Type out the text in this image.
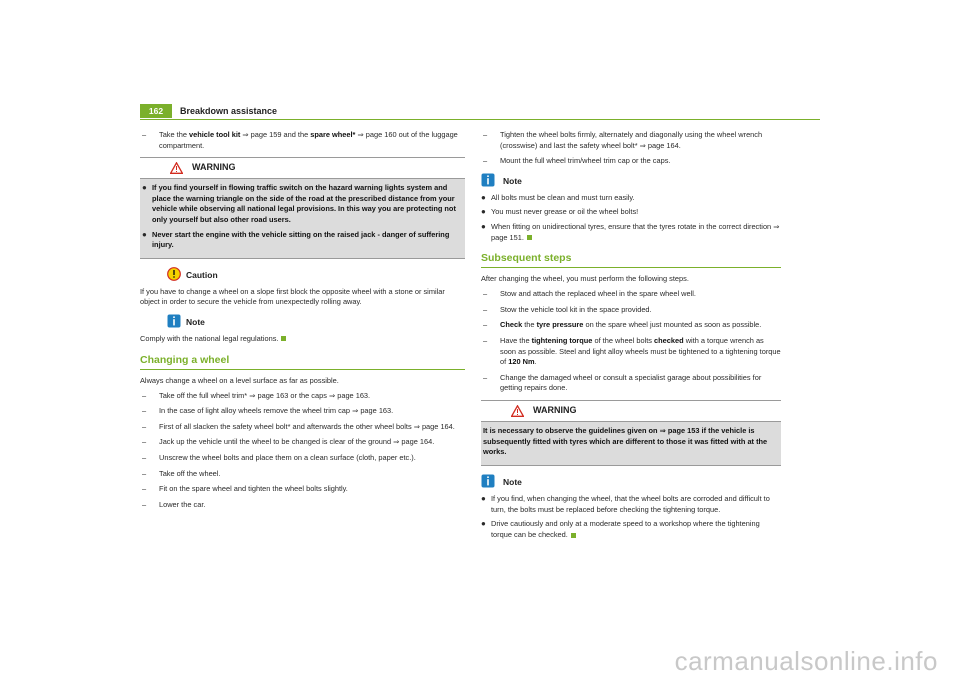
162	Breakdown assistance
– Take the vehicle tool kit ⇒ page 159 and the spare wheel* ⇒ page 160 out of the luggage compartment.
WARNING
● If you find yourself in flowing traffic switch on the hazard warning lights system and place the warning triangle on the side of the road at the prescribed distance from your vehicle while observing all national legal provisions. In this way you are protecting not only yourself but also other road users.
● Never start the engine with the vehicle sitting on the raised jack - danger of suffering injury.
Caution

If you have to change a wheel on a slope first block the opposite wheel with a stone or similar object in order to secure the vehicle from unexpectedly rolling away.

Note

Comply with the national legal regulations.

Changing a wheel

Always change a wheel on a level surface as far as possible.

– Take off the full wheel trim* ⇒ page 163 or the caps ⇒ page 163.
– In the case of light alloy wheels remove the wheel trim cap ⇒ page 163.
– First of all slacken the safety wheel bolt* and afterwards the other wheel bolts ⇒ page 164.
– Jack up the vehicle until the wheel to be changed is clear of the ground ⇒ page 164.
– Unscrew the wheel bolts and place them on a clean surface (cloth, paper etc.).
– Take off the wheel.
– Fit on the spare wheel and tighten the wheel bolts slightly.
– Lower the car.
– Tighten the wheel bolts firmly, alternately and diagonally using the wheel wrench (crosswise) and last the safety wheel bolt* ⇒ page 164.
– Mount the full wheel trim/wheel trim cap or the caps.
Note
● All bolts must be clean and must turn easily.
● You must never grease or oil the wheel bolts!
● When fitting on unidirectional tyres, ensure that the tyres rotate in the correct direction ⇒ page 151.
Subsequent steps

After changing the wheel, you must perform the following steps.

– Stow and attach the replaced wheel in the spare wheel well.
– Stow the vehicle tool kit in the space provided.
– Check the tyre pressure on the spare wheel just mounted as soon as possible.
– Have the tightening torque of the wheel bolts checked with a torque wrench as soon as possible. Steel and light alloy wheels must be tightened to a tightening torque of 120 Nm.
– Change the damaged wheel or consult a specialist garage about possibilities for getting repairs done.
WARNING

It is necessary to observe the guidelines given on ⇒ page 153 if the vehicle is subsequently fitted with tyres which are different to those it was fitted with at the works.

Note
● If you find, when changing the wheel, that the wheel bolts are corroded and difficult to turn, the bolts must be replaced before checking the tightening torque.
● Drive cautiously and only at a moderate speed to a workshop where the tightening torque can be checked.
carmanualsonline.info
